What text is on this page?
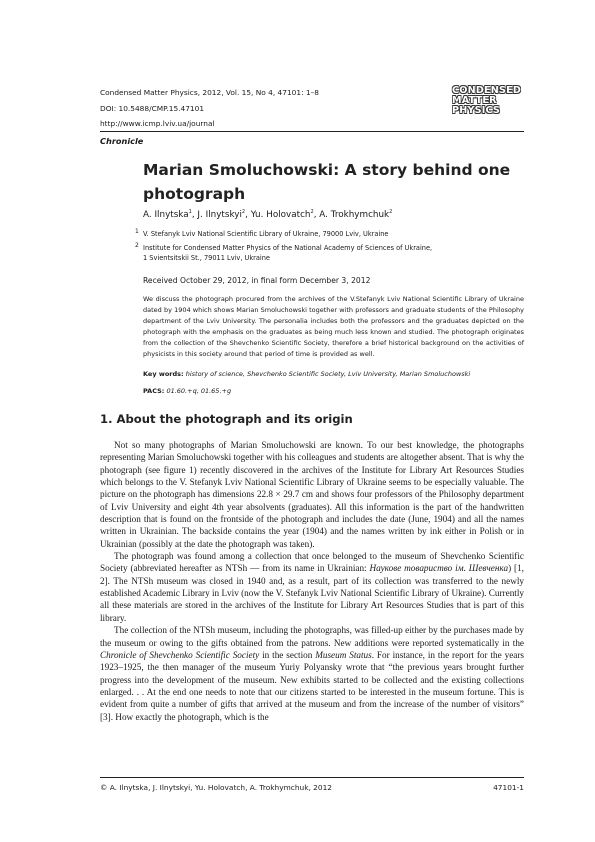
Condensed Matter Physics, 2012, Vol. 15, No 4, 47101: 1–8
DOI: 10.5488/CMP.15.47101
http://www.icmp.lviv.ua/journal
CONDENSED
MATTER
PHYSICS
Chronicle
Marian Smoluchowski: A story behind one photograph
A. Ilnytska$^1$, J. Ilnytskyi$^2$, Yu. Holovatch$^2$, A. Trokhymchuk$^2$
1 V. Stefanyk Lviv National Scientific Library of Ukraine, 79000 Lviv, Ukraine
2 Institute for Condensed Matter Physics of the National Academy of Sciences of Ukraine,
1 Svientsitskii St., 79011 Lviv, Ukraine
Received October 29, 2012, in final form December 3, 2012
We discuss the photograph procured from the archives of the V.Stefanyk Lviv National Scientific Library of Ukraine dated by 1904 which shows Marian Smoluchowski together with professors and graduate students of the Philosophy department of the Lviv University. The personalia includes both the professors and the graduates depicted on the photograph with the emphasis on the graduates as being much less known and studied. The photograph originates from the collection of the Shevchenko Scientific Society, therefore a brief historical background on the activities of physicists in this society around that period of time is provided as well.
Key words: history of science, Shevchenko Scientific Society, Lviv University, Marian Smoluchowski
PACS: 01.60.+q, 01.65.+g
1. About the photograph and its origin

Not so many photographs of Marian Smoluchowski are known. To our best knowledge, the photographs representing Marian Smoluchowski together with his colleagues and students are altogether absent. That is why the photograph (see figure 1) recently discovered in the archives of the Institute for Library Art Resources Studies which belongs to the V. Stefanyk Lviv National Scientific Library of Ukraine seems to be especially valuable. The picture on the photograph has dimensions 22.8 × 29.7 cm and shows four professors of the Philosophy department of Lviv University and eight 4th year absolvents (graduates). All this information is the part of the handwritten description that is found on the frontside of the photograph and includes the date (June, 1904) and all the names written in Ukrainian. The backside contains the year (1904) and the names written by ink either in Polish or in Ukrainian (possibly at the date the photograph was taken).

The photograph was found among a collection that once belonged to the museum of Shevchenko Scientific Society (abbreviated hereafter as NTSh — from its name in Ukrainian: Наукове товариство ім. Шевченка) [1, 2]. The NTSh museum was closed in 1940 and, as a result, part of its collection was transferred to the newly established Academic Library in Lviv (now the V. Stefanyk Lviv National Scientific Library of Ukraine). Currently all these materials are stored in the archives of the Institute for Library Art Resources Studies that is part of this library.

The collection of the NTSh museum, including the photographs, was filled-up either by the purchases made by the museum or owing to the gifts obtained from the patrons. New additions were reported systematically in the Chronicle of Shevchenko Scientific Society in the section Museum Status. For instance, in the report for the years 1923–1925, the then manager of the museum Yuriy Polyansky wrote that “the previous years brought further progress into the development of the museum. New exhibits started to be collected and the existing collections enlarged. . . At the end one needs to note that our citizens started to be interested in the museum fortune. This is evident from quite a number of gifts that arrived at the museum and from the increase of the number of visitors” [3]. How exactly the photograph, which is the

© A. Ilnytska, J. Ilnytskyi, Yu. Holovatch, A. Trokhymchuk, 2012	47101-1
